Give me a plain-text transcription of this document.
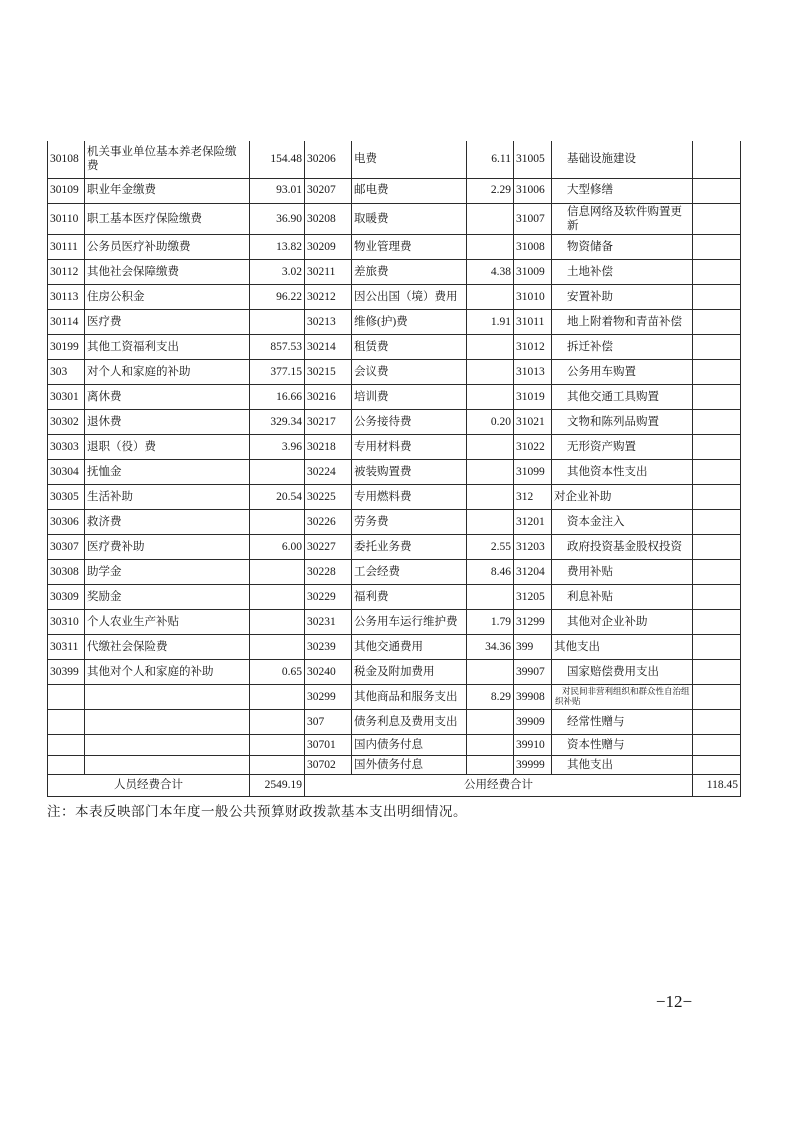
30108	机关事业单位基本养老保险缴费	154.48	30206	电费	6.11	31005	基础设施建设	
30109	职业年金缴费	93.01	30207	邮电费	2.29	31006	大型修缮	
30110	职工基本医疗保险缴费	36.90	30208	取暖费		31007	信息网络及软件购置更新	
30111	公务员医疗补助缴费	13.82	30209	物业管理费		31008	物资储备	
30112	其他社会保障缴费	3.02	30211	差旅费	4.38	31009	土地补偿	
30113	住房公积金	96.22	30212	因公出国（境）费用		31010	安置补助	
30114	医疗费		30213	维修(护)费	1.91	31011	地上附着物和青苗补偿	
30199	其他工资福利支出	857.53	30214	租赁费		31012	拆迁补偿	
303	对个人和家庭的补助	377.15	30215	会议费		31013	公务用车购置	
30301	离休费	16.66	30216	培训费		31019	其他交通工具购置	
30302	退休费	329.34	30217	公务接待费	0.20	31021	文物和陈列品购置	
30303	退职（役）费	3.96	30218	专用材料费		31022	无形资产购置	
30304	抚恤金		30224	被装购置费		31099	其他资本性支出	
30305	生活补助	20.54	30225	专用燃料费		312	对企业补助	
30306	救济费		30226	劳务费		31201	资本金注入	
30307	医疗费补助	6.00	30227	委托业务费	2.55	31203	政府投资基金股权投资	
30308	助学金		30228	工会经费	8.46	31204	费用补贴	
30309	奖励金		30229	福利费		31205	利息补贴	
30310	个人农业生产补贴		30231	公务用车运行维护费	1.79	31299	其他对企业补助	
30311	代缴社会保险费		30239	其他交通费用	34.36	399	其他支出	
30399	其他对个人和家庭的补助	0.65	30240	税金及附加费用		39907	国家赔偿费用支出	
			30299	其他商品和服务支出	8.29	39908	对民间非营利组织和群众性自治组织补贴	
			307	债务利息及费用支出		39909	经常性赠与	
			30701	国内债务付息		39910	资本性赠与	
			30702	国外债务付息		39999	其他支出	
人员经费合计		2549.19	公用经费合计					118.45
注：本表反映部门本年度一般公共预算财政拨款基本支出明细情况。
−12−
